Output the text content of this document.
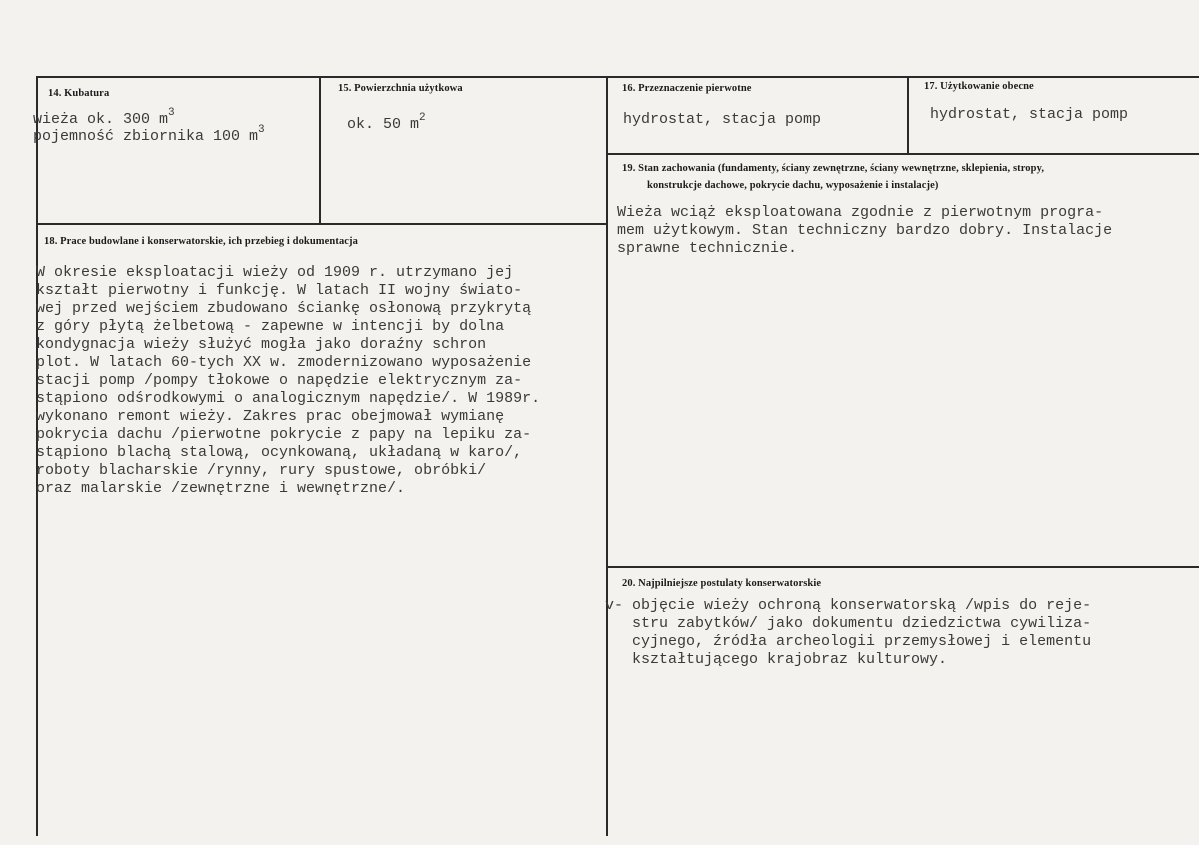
14. Kubatura
wieża ok. 300 $m^3$
pojemność zbiornika 100 $m^3$
15. Powierzchnia użytkowa
ok. 50 $m^2$
16. Przeznaczenie pierwotne
hydrostat, stacja pomp
17. Użytkowanie obecne
hydrostat, stacja pomp
18. Prace budowlane i konserwatorskie, ich przebieg i dokumentacja
W okresie eksploatacji wieży od 1909 r. utrzymano jej
kształt pierwotny i funkcję. W latach II wojny świato-
wej przed wejściem zbudowano ściankę osłonową przykrytą
z góry płytą żelbetową - zapewne w intencji by dolna
kondygnacja wieży służyć mogła jako doraźny schron
plot. W latach 60-tych XX w. zmodernizowano wyposażenie
stacji pomp /pompy tłokowe o napędzie elektrycznym za-
stąpiono odśrodkowymi o analogicznym napędzie/. W 1989r.
wykonano remont wieży. Zakres prac obejmował wymianę
pokrycia dachu /pierwotne pokrycie z papy na lepiku za-
stąpiono blachą stalową, ocynkowaną, układaną w karo/,
roboty blacharskie /rynny, rury spustowe, obróbki/
oraz malarskie /zewnętrzne i wewnętrzne/.
19. Stan zachowania (fundamenty, ściany zewnętrzne, ściany wewnętrzne, sklepienia, stropy,
konstrukcje dachowe, pokrycie dachu, wyposażenie i instalacje)
Wieża wciąż eksploatowana zgodnie z pierwotnym progra-
mem użytkowym. Stan techniczny bardzo dobry. Instalacje
sprawne technicznie.
20. Najpilniejsze postulaty konserwatorskie
v- objęcie wieży ochroną konserwatorską /wpis do reje-
stru zabytków/ jako dokumentu dziedzictwa cywiliza-
cyjnego, źródła archeologii przemysłowej i elementu
kształtującego krajobraz kulturowy.
